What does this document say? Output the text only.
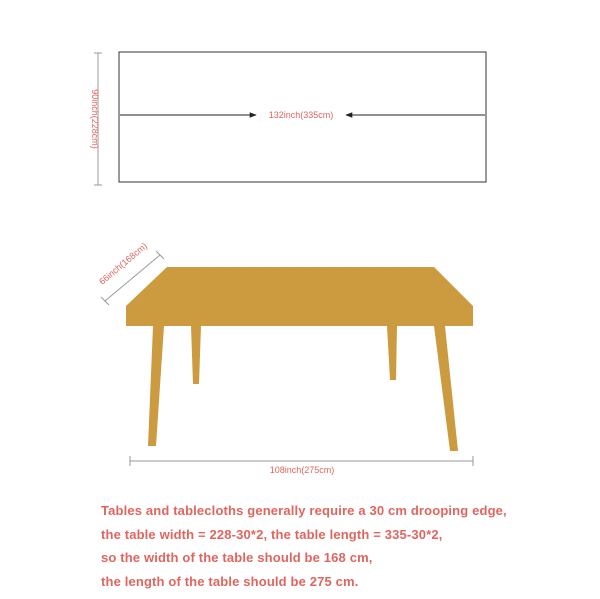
90inch(228cm)	132inch(335cm)
66inch(168cm)
108inch(275cm)
Tables and tablecloths generally require a 30 cm drooping edge,
the table width = 228-30*2, the table length = 335-30*2,
so the width of the table should be 168 cm,
the length of the table should be 275 cm.
